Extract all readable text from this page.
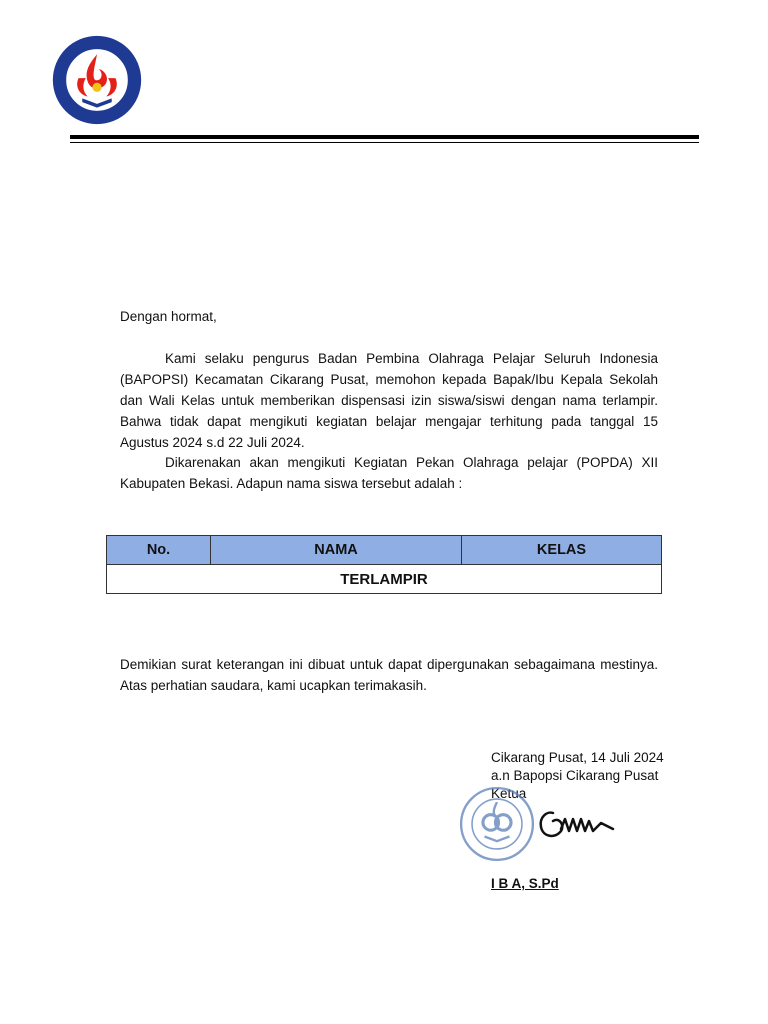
Dengan hormat,

Kami selaku pengurus Badan Pembina Olahraga Pelajar Seluruh Indonesia (BAPOPSI) Kecamatan Cikarang Pusat, memohon kepada Bapak/Ibu Kepala Sekolah dan Wali Kelas untuk memberikan dispensasi izin siswa/siswi dengan nama terlampir. Bahwa tidak dapat mengikuti kegiatan belajar mengajar terhitung pada tanggal 15 Agustus 2024 s.d 22 Juli 2024.

Dikarenakan akan mengikuti Kegiatan Pekan Olahraga pelajar (POPDA) XII Kabupaten Bekasi. Adapun nama siswa tersebut adalah :

No.	NAMA	KELAS
TERLAMPIR

Demikian surat keterangan ini dibuat untuk dapat dipergunakan sebagaimana mestinya. Atas perhatian saudara, kami ucapkan terimakasih.

Cikarang Pusat, 14 Juli 2024
a.n Bapopsi Cikarang Pusat
Ketua
I B A, S.Pd
